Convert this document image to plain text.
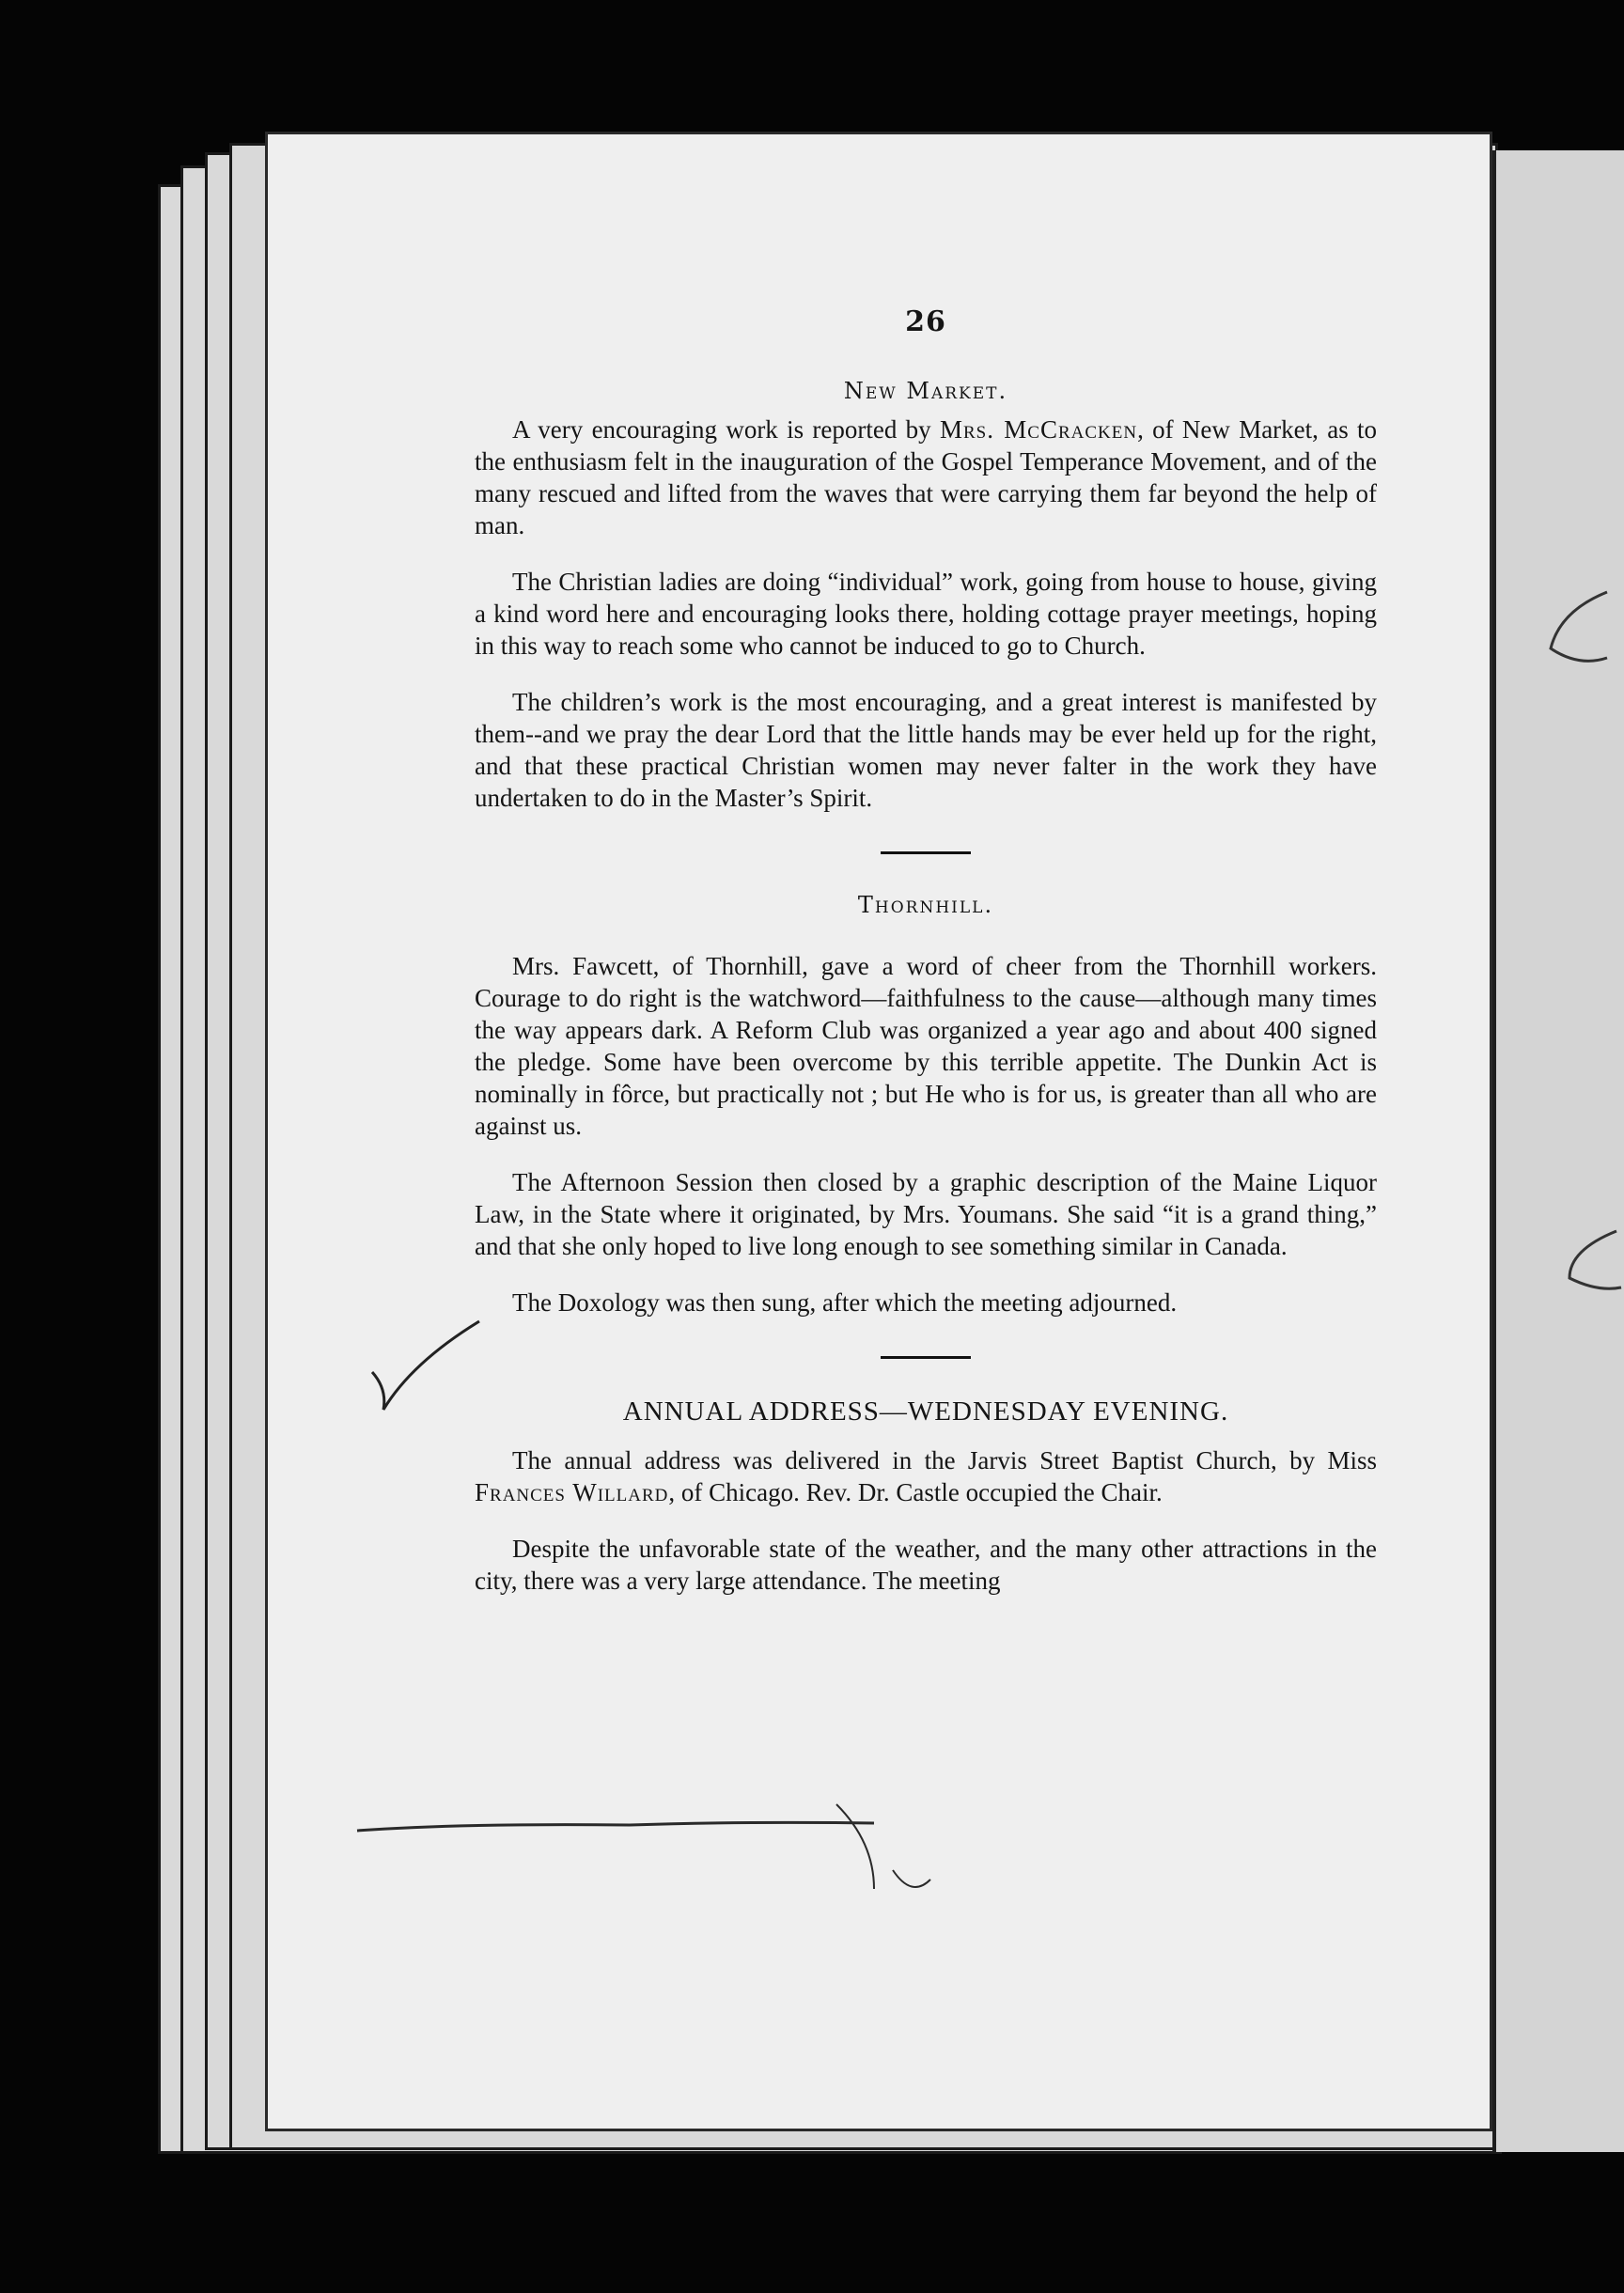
26
New Market.

A very encouraging work is reported by Mrs. McCracken, of New Market, as to the enthusiasm felt in the inauguration of the Gospel Temperance Movement, and of the many rescued and lifted from the waves that were carrying them far beyond the help of man.

The Christian ladies are doing “individual” work, going from house to house, giving a kind word here and encouraging looks there, holding cottage prayer meetings, hoping in this way to reach some who cannot be induced to go to Church.

The children’s work is the most encouraging, and a great interest is manifested by them--and we pray the dear Lord that the little hands may be ever held up for the right, and that these practical Christian women may never falter in the work they have undertaken to do in the Master’s Spirit.

Thornhill.

Mrs. Fawcett, of Thornhill, gave a word of cheer from the Thornhill workers. Courage to do right is the watchword—faithfulness to the cause—although many times the way appears dark. A Reform Club was organized a year ago and about 400 signed the pledge. Some have been overcome by this terrible appetite. The Dunkin Act is nominally in fôrce, but practically not ; but He who is for us, is greater than all who are against us.

The Afternoon Session then closed by a graphic description of the Maine Liquor Law, in the State where it originated, by Mrs. Youmans. She said “it is a grand thing,” and that she only hoped to live long enough to see something similar in Canada.

The Doxology was then sung, after which the meeting adjourned.

ANNUAL ADDRESS—WEDNESDAY EVENING.

The annual address was delivered in the Jarvis Street Baptist Church, by Miss Frances Willard, of Chicago. Rev. Dr. Castle occupied the Chair.

Despite the unfavorable state of the weather, and the many other attractions in the city, there was a very large attendance. The meeting
